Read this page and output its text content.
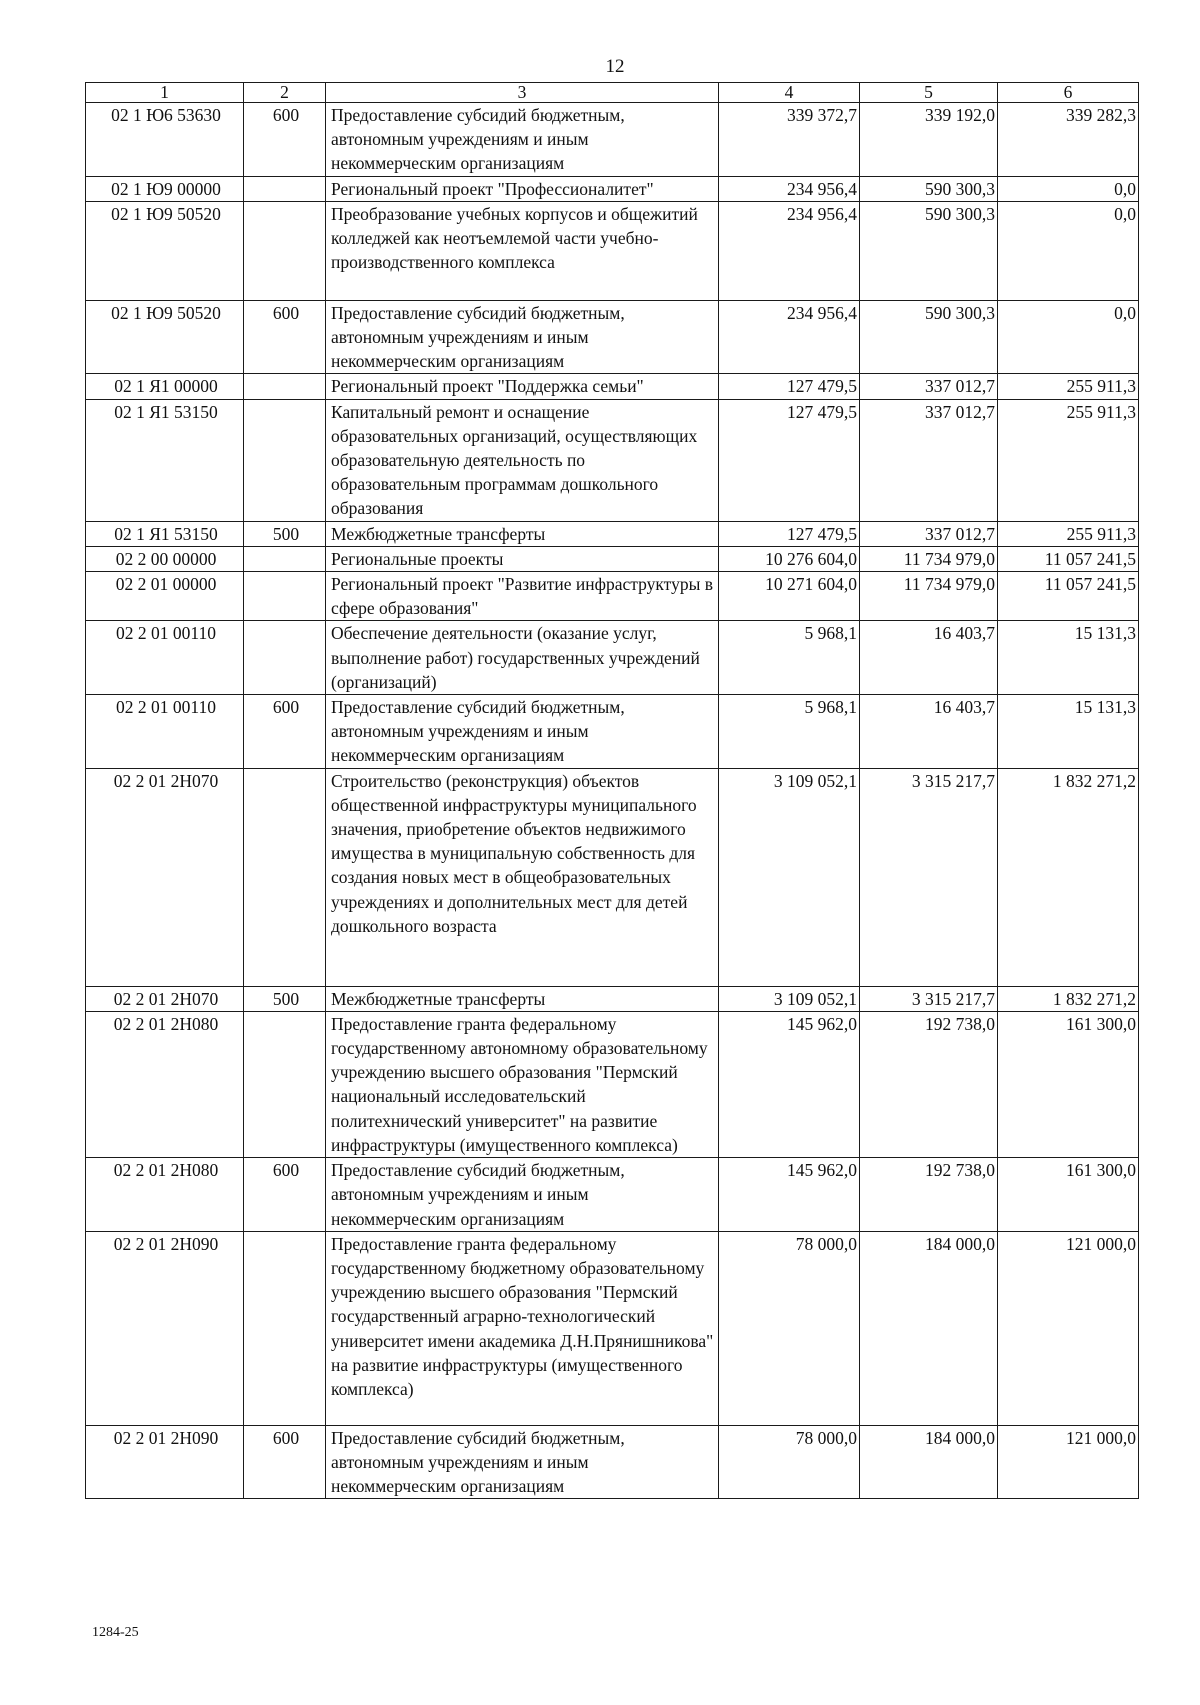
12
1	2	3	4	5	6
02 1 Ю6 53630	600	Предоставление субсидий бюджетным, автономным учреждениям и иным некоммерческим организациям	339 372,7	339 192,0	339 282,3
02 1 Ю9 00000		Региональный проект "Профессионалитет"	234 956,4	590 300,3	0,0
02 1 Ю9 50520		Преобразование учебных корпусов и общежитий колледжей как неотъемлемой части учебно-производственного комплекса	234 956,4	590 300,3	0,0
02 1 Ю9 50520	600	Предоставление субсидий бюджетным, автономным учреждениям и иным некоммерческим организациям	234 956,4	590 300,3	0,0
02 1 Я1 00000		Региональный проект "Поддержка семьи"	127 479,5	337 012,7	255 911,3
02 1 Я1 53150		Капитальный ремонт и оснащение образовательных организаций, осуществляющих образовательную деятельность по образовательным программам дошкольного образования	127 479,5	337 012,7	255 911,3
02 1 Я1 53150	500	Межбюджетные трансферты	127 479,5	337 012,7	255 911,3
02 2 00 00000		Региональные проекты	10 276 604,0	11 734 979,0	11 057 241,5
02 2 01 00000		Региональный проект "Развитие инфраструктуры в сфере образования"	10 271 604,0	11 734 979,0	11 057 241,5
02 2 01 00110		Обеспечение деятельности (оказание услуг, выполнение работ) государственных учреждений (организаций)	5 968,1	16 403,7	15 131,3
02 2 01 00110	600	Предоставление субсидий бюджетным, автономным учреждениям и иным некоммерческим организациям	5 968,1	16 403,7	15 131,3
02 2 01 2Н070		Строительство (реконструкция) объектов общественной инфраструктуры муниципального значения, приобретение объектов недвижимого имущества в муниципальную собственность для создания новых мест в общеобразовательных учреждениях и дополнительных мест для детей дошкольного возраста	3 109 052,1	3 315 217,7	1 832 271,2
02 2 01 2Н070	500	Межбюджетные трансферты	3 109 052,1	3 315 217,7	1 832 271,2
02 2 01 2Н080		Предоставление гранта федеральному государственному автономному образовательному учреждению высшего образования "Пермский национальный исследовательский политехнический университет" на развитие инфраструктуры (имущественного комплекса)	145 962,0	192 738,0	161 300,0
02 2 01 2Н080	600	Предоставление субсидий бюджетным, автономным учреждениям и иным некоммерческим организациям	145 962,0	192 738,0	161 300,0
02 2 01 2Н090		Предоставление гранта федеральному государственному бюджетному образовательному учреждению высшего образования "Пермский государственный аграрно-технологический университет имени академика Д.Н.Прянишникова" на развитие инфраструктуры (имущественного комплекса)	78 000,0	184 000,0	121 000,0
02 2 01 2Н090	600	Предоставление субсидий бюджетным, автономным учреждениям и иным некоммерческим организациям	78 000,0	184 000,0	121 000,0
1284-25
